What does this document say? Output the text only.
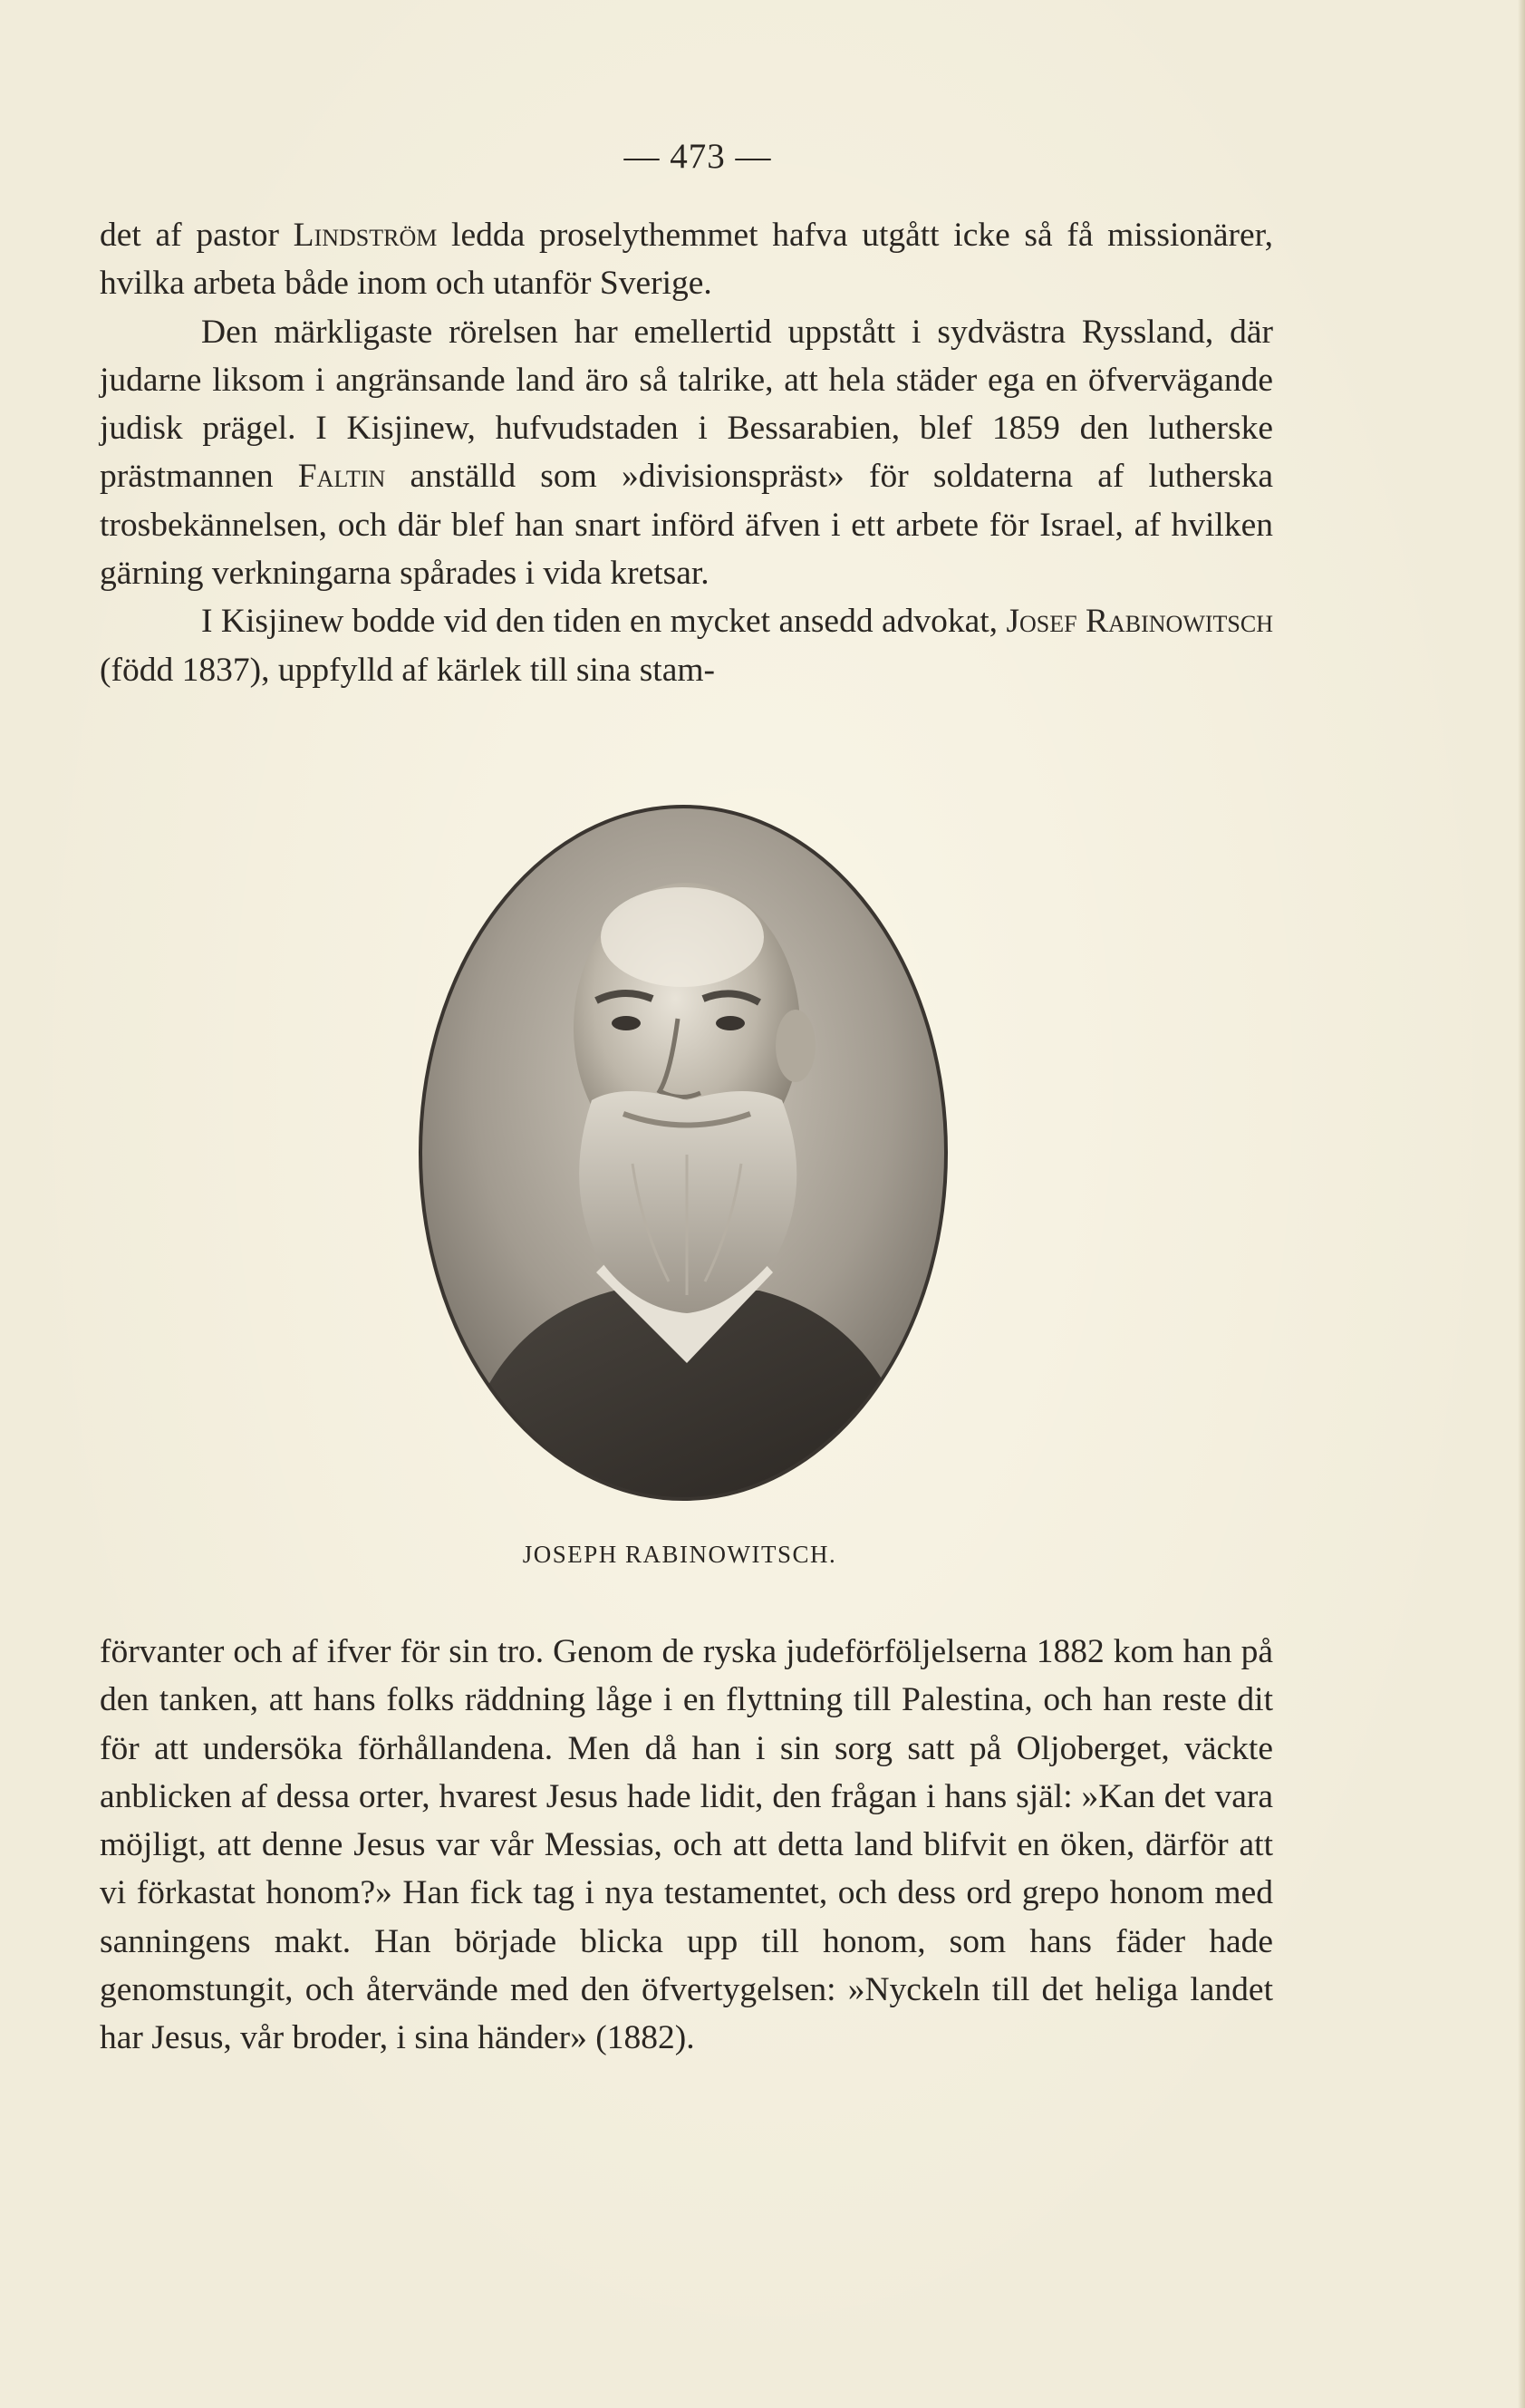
— 473 —

det af pastor Lindström ledda proselythemmet hafva utgått icke så få missionärer, hvilka arbeta både inom och utanför Sverige.

Den märkligaste rörelsen har emellertid uppstått i sydvästra Ryssland, där judarne liksom i angränsande land äro så talrike, att hela städer ega en öfvervägande judisk prägel. I Kisjinew, hufvudstaden i Bessarabien, blef 1859 den lutherske prästmannen Faltin anställd som »divisionspräst» för soldaterna af lutherska trosbekännelsen, och där blef han snart införd äfven i ett arbete för Israel, af hvilken gärning verkningarna spårades i vida kretsar.

I Kisjinew bodde vid den tiden en mycket ansedd advokat, Josef Rabinowitsch (född 1837), uppfylld af kärlek till sina stam-

JOSEPH RABINOWITSCH.

förvanter och af ifver för sin tro. Genom de ryska judeförföljelserna 1882 kom han på den tanken, att hans folks räddning låge i en flyttning till Palestina, och han reste dit för att undersöka förhållandena. Men då han i sin sorg satt på Oljoberget, väckte anblicken af dessa orter, hvarest Jesus hade lidit, den frågan i hans själ: »Kan det vara möjligt, att denne Jesus var vår Messias, och att detta land blifvit en öken, därför att vi förkastat honom?» Han fick tag i nya testamentet, och dess ord grepo honom med sanningens makt. Han började blicka upp till honom, som hans fäder hade genomstungit, och återvände med den öfvertygelsen: »Nyckeln till det heliga landet har Jesus, vår broder, i sina händer» (1882).
